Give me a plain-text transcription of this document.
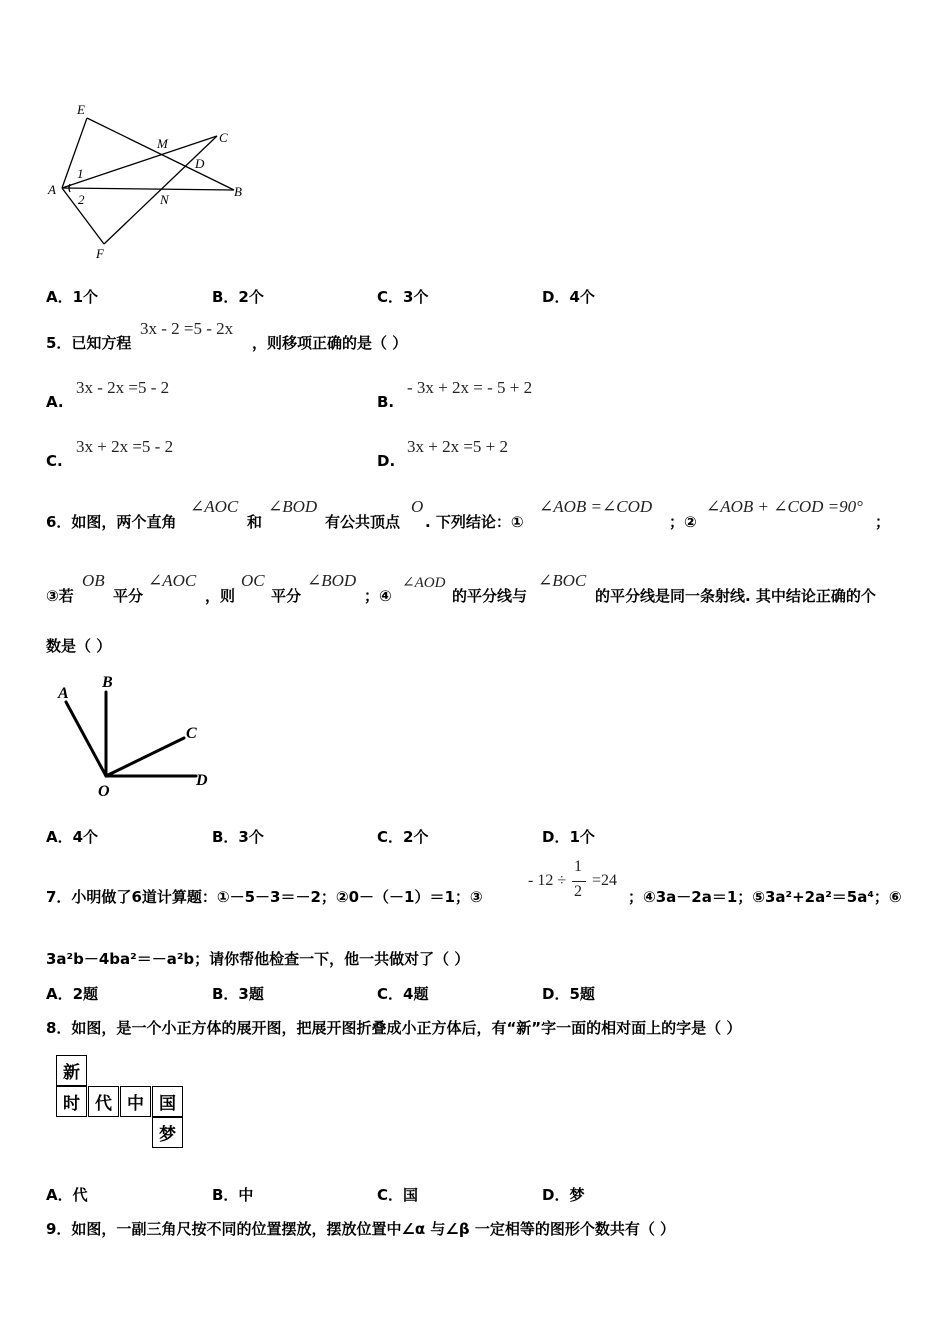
E
M	C
D
A	B
N
F
1
2
A．1个	B．2个	C．3个	D．4个
5．已知方程
3x - 2 =5 - 2x
，则移项正确的是（ ）
A.
3x - 2x =5 - 2
B.
- 3x + 2x = - 5 + 2
C.
3x + 2x =5 - 2
D.
3x + 2x =5 + 2
6．如图，两个直角
∠AOC
和
∠BOD
有公共顶点
O
. 下列结论：①
∠AOB =∠COD
；②
∠AOB + ∠COD =90°
；
③若
OB
平分
∠AOC
，则
OC
平分
∠BOD
；④
∠AOD
的平分线与
∠BOC
的平分线是同一条射线. 其中结论正确的个
数是（ ）
A
B
C
D
O
A．4个	B．3个	C．2个	D．1个
7．小明做了6道计算题：①－5－3＝－2；②0－（－1）＝1；③
- 12 ÷
1
2
=24
；④3a－2a＝1；⑤3a²+2a²＝5a⁴；⑥
3a²b－4ba²＝－a²b；请你帮他检查一下，他一共做对了（ ）
A．2题	B．3题	C．4题	D．5题
8．如图，是一个小正方体的展开图，把展开图折叠成小正方体后，有“新”字一面的相对面上的字是（ ）
新
时 代 中 国
梦
A．代	B．中	C．国	D．梦
9．如图，一副三角尺按不同的位置摆放，摆放位置中∠α 与∠β 一定相等的图形个数共有（ ）
